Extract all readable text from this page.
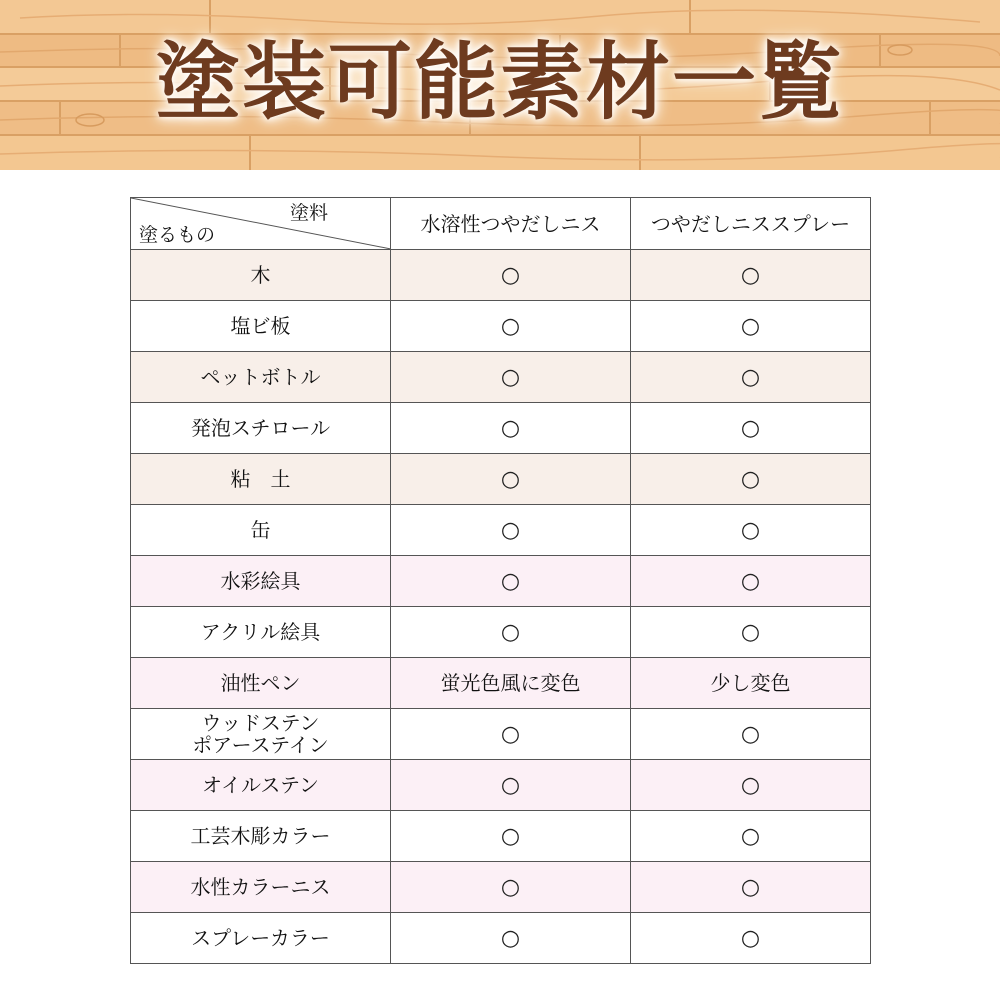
塗装可能素材一覧
塗料
塗るもの	水溶性つやだしニス	つやだしニススプレー
木	○	○
塩ビ板	○	○
ペットボトル	○	○
発泡スチロール	○	○
粘　土	○	○
缶	○	○
水彩絵具	○	○
アクリル絵具	○	○
油性ペン	蛍光色風に変色	少し変色

ウッドステン
ポアーステイン	○	○
オイルステン	○	○
工芸木彫カラー	○	○
水性カラーニス	○	○
スプレーカラー	○	○
